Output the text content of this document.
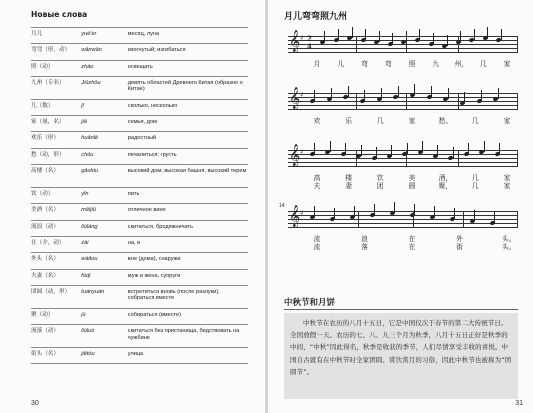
Новые слова
月儿	yuè'er	месяц, луна
弯弯（形，动）	wānwān	изогнутый; изгибаться
照（动）	zhào	освещать
九州（专名）	Jiǔzhōu	девять областей Древнего Китая (образно о Китае)
几（数）	jǐ	сколько, несколько
家（量，名）	jiā	семья, дом
欢乐（形）	huānlè	радостный
愁（动，形）	chóu	печалиться; грусть
高楼（名）	gāolóu	высокий дом, высокая башня, высокий терем
饮（动）	yǐn	пить
美酒（名）	měijiǔ	отличное вино
流浪（动）	liúlàng	скитаться, бродяжничать
在（介，动）	zài	на, в
外头（名）	wàitou	вне (дома), снаружи
夫妻（名）	fūqī	муж и жена, супруги
团圆（动，形）	tuányuán	встретиться вновь (после разлуки), собраться вместе
聚（动）	jù	собираться (вместе)
流落（动）	liúluò	скитаться без пристанища, бедствовать на чужбине
街头（名）	jiētóu	улица
30
月儿弯弯照九州
𝄞 ♯ 2
4
月 儿 弯 弯 照 九 州， 几 家
𝄞 ♯
欢	乐	几	家	愁。	几	家
𝄞 ♯
高	楼	饮	美	酒，	几	家
夫	妻	团	圆	聚，	几	家
𝄞 ♯
14
流	浪	在	外	头。
流	落	在	街	头。
中秋节和月饼
中秋节在农历的八月十五日，它是中国仅次于春节的第二大传统节日。全国放假一天。农历的七、八、九三个月为秋季，八月十五日正好是秋季的中间，“中秋”因此得名，秋季是收获的季节，人们尽情享受丰收的喜悦。中国自古就有在中秋节时全家团圆、赏饮赏月的习俗，因此中秋节也被称为“团圆节”。
31
